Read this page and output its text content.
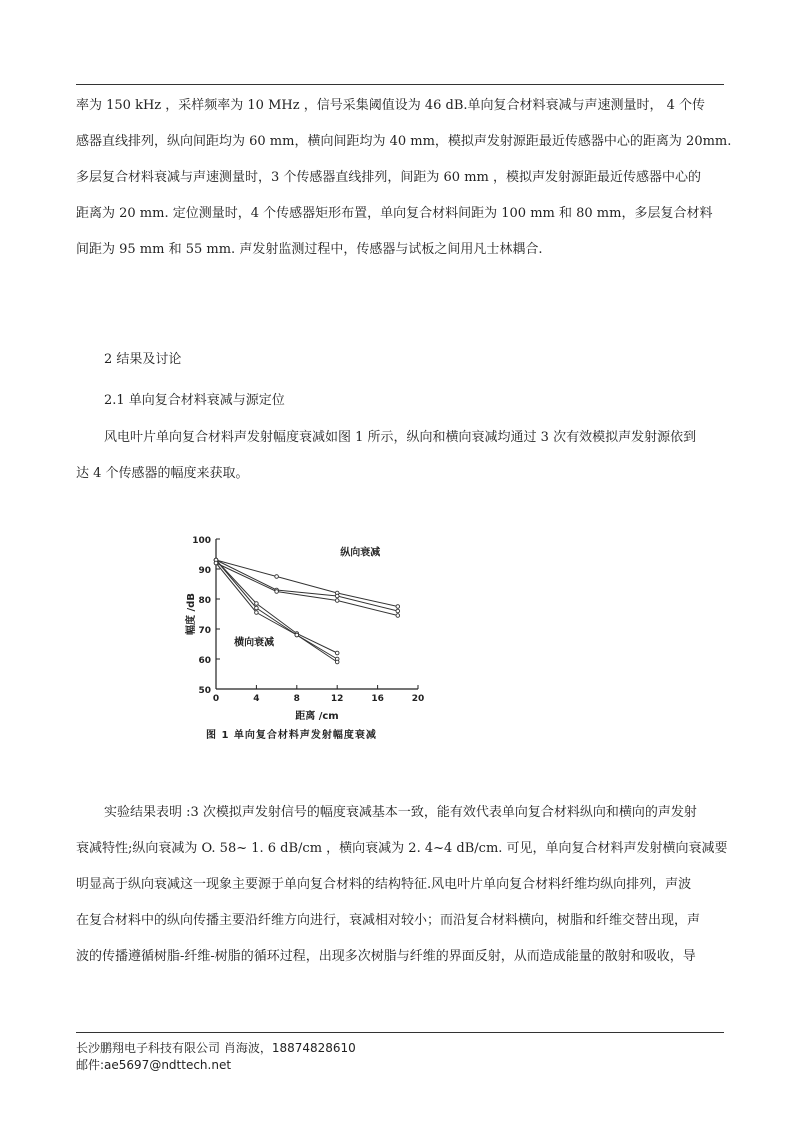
率为 150 kHz ，采样频率为 10 MHz ，信号采集阈值设为 46 dB.单向复合材料衰减与声速测量时， 4 个传
感器直线排列，纵向间距均为 60 mm，横向间距均为 40 mm，模拟声发射源距最近传感器中心的距离为 20mm.
多层复合材料衰减与声速测量时，3 个传感器直线排列，间距为 60 mm ，模拟声发射源距最近传感器中心的
距离为 20 mm. 定位测量时，4 个传感器矩形布置，单向复合材料间距为 100 mm 和 80 mm，多层复合材料
间距为 95 mm 和 55 mm. 声发射监测过程中，传感器与试板之间用凡士林耦合.
2 结果及讨论
2.1 单向复合材料衰减与源定位
风电叶片单向复合材料声发射幅度衰减如图 1 所示，纵向和横向衰减均通过 3 次有效模拟声发射源依到
达 4 个传感器的幅度来获取。
50
60
70
80
90
100
0	4	8	12	16	20
距离 /cm
幅度 /dB
纵向衰减
横向衰减
图 1 单向复合材料声发射幅度衰减
实验结果表明 :3 次模拟声发射信号的幅度衰减基本一致，能有效代表单向复合材料纵向和横向的声发射
衰减特性;纵向衰减为 O. 58~ 1. 6 dB/cm ，横向衰减为 2. 4~4 dB/cm. 可见，单向复合材料声发射横向衰减要
明显高于纵向衰减这一现象主要源于单向复合材料的结构特征.风电叶片单向复合材料纤维均纵向排列，声波
在复合材料中的纵向传播主要沿纤维方向进行，衰减相对较小；而沿复合材料横向，树脂和纤维交替出现，声
波的传播遵循树脂-纤维-树脂的循环过程，出现多次树脂与纤维的界面反射，从而造成能量的散射和吸收，导
长沙鹏翔电子科技有限公司 肖海波，18874828610
邮件:ae5697@ndttech.net
